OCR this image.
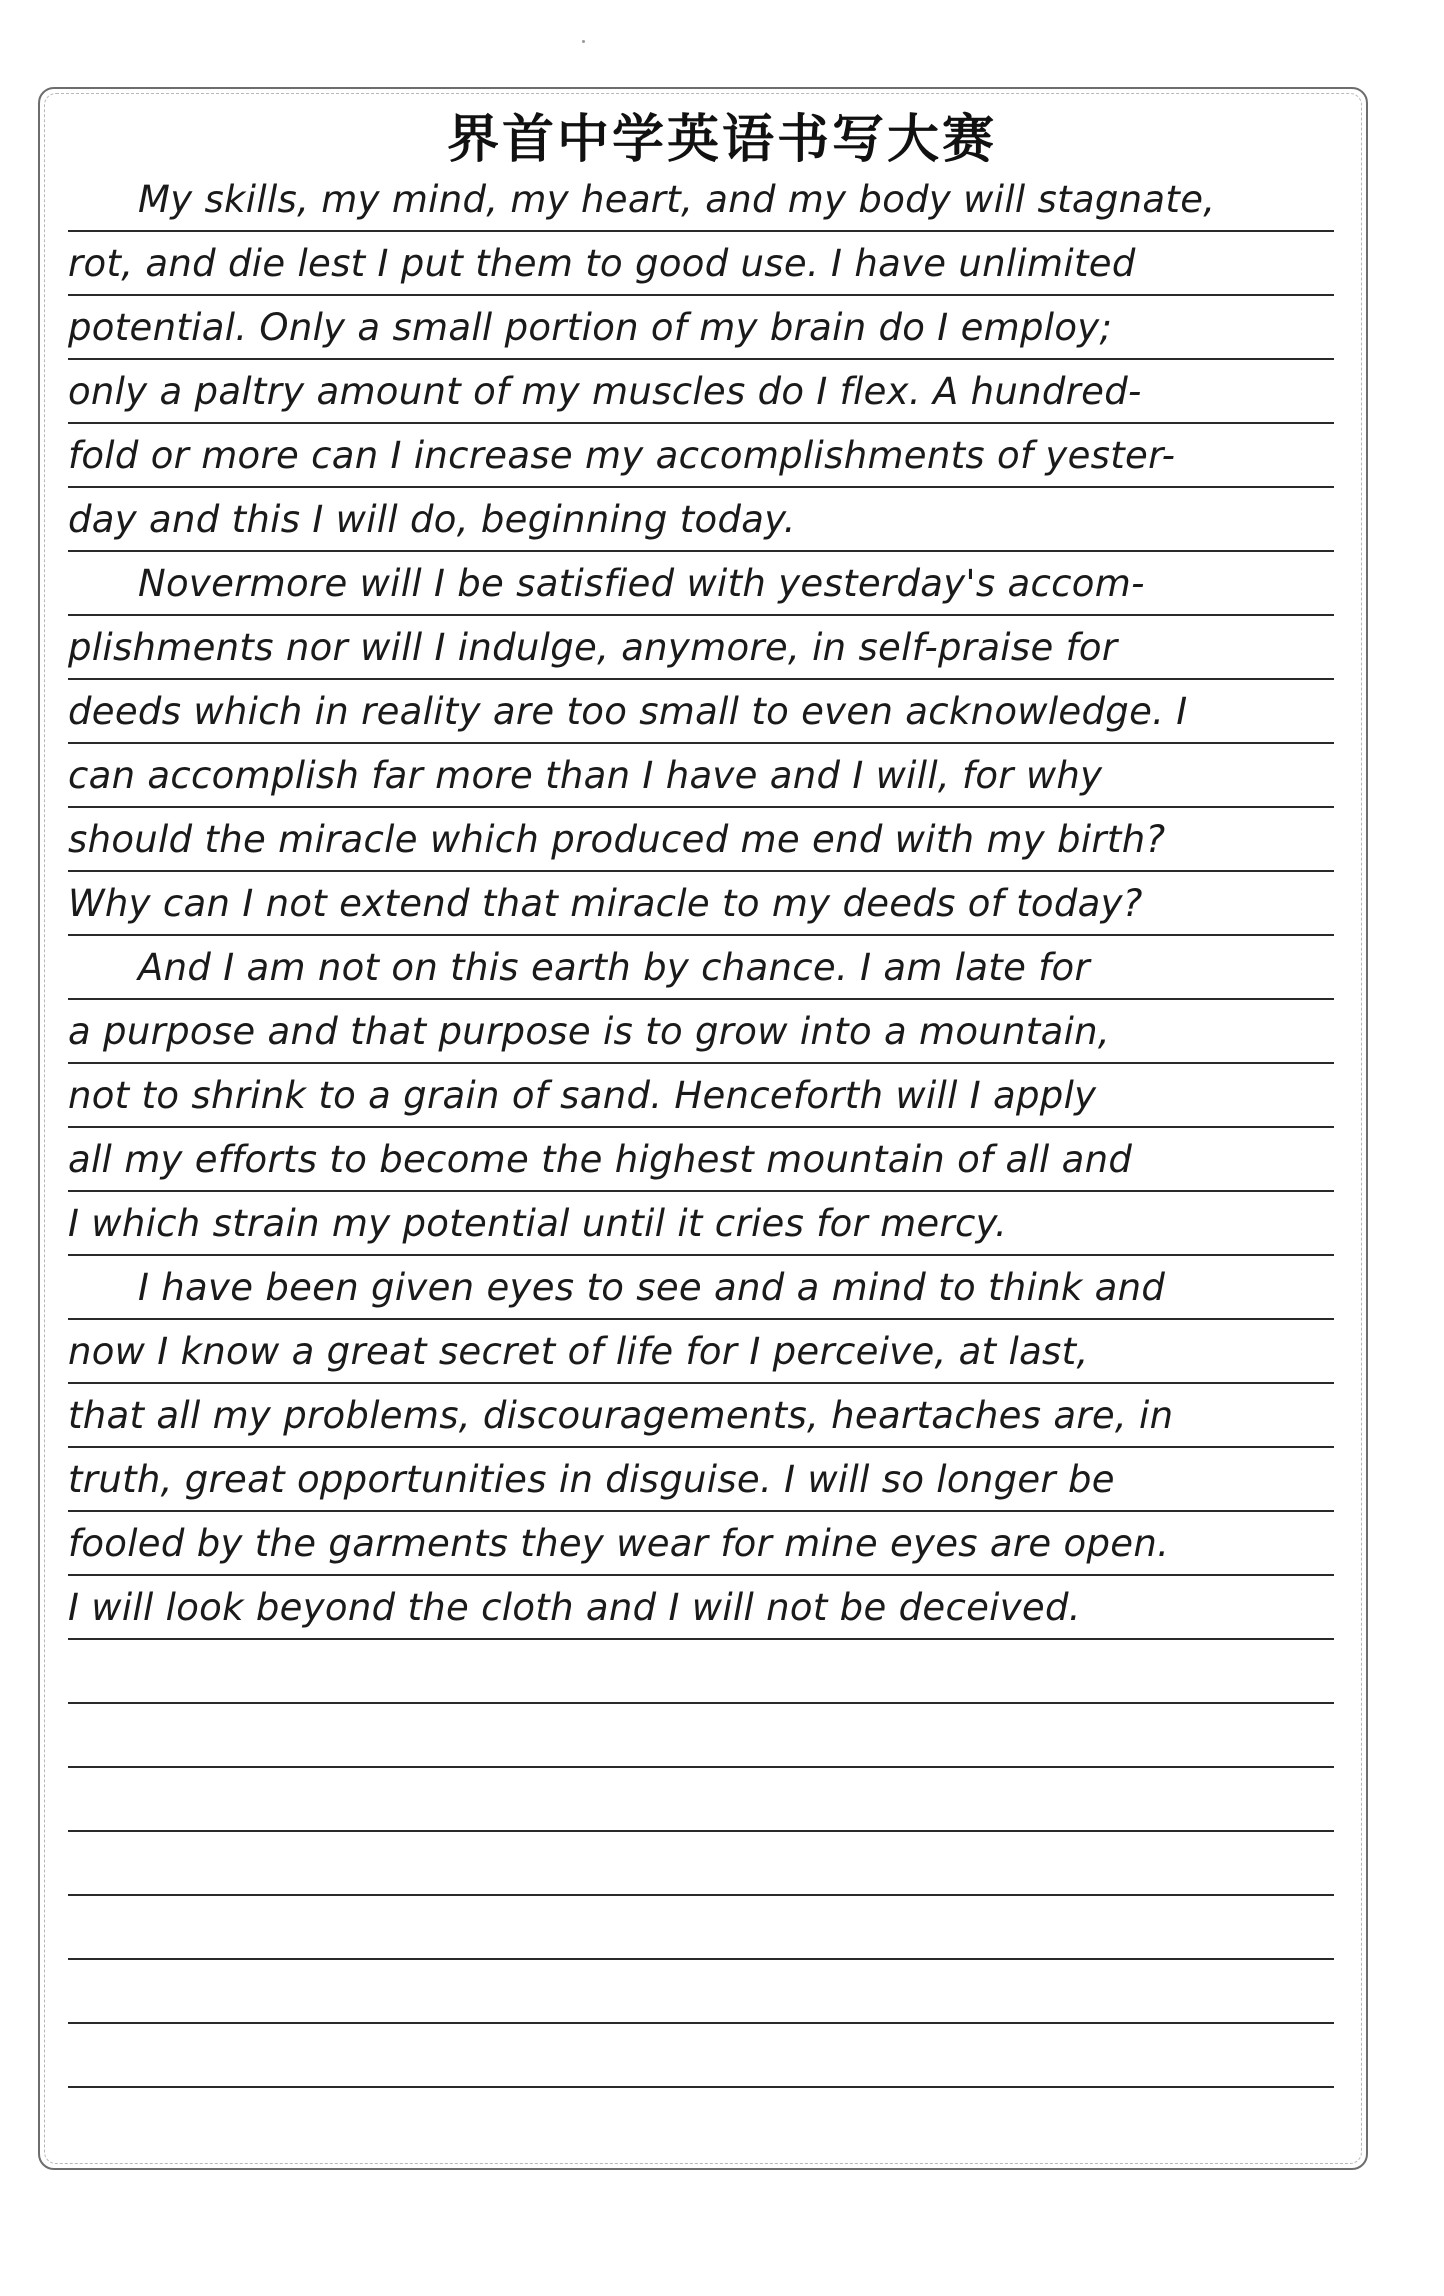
界首中学英语书写大赛
My skills, my mind, my heart, and my body will stagnate,
rot, and die lest I put them to good use. I have unlimited
potential. Only a small portion of my brain do I employ;
only a paltry amount of my muscles do I flex. A hundred-
fold or more can I increase my accomplishments of yester-
day and this I will do, beginning today.
Novermore will I be satisfied with yesterday's accom-
plishments nor will I indulge, anymore, in self-praise for
deeds which in reality are too small to even acknowledge. I
can accomplish far more than I have and I will, for why
should the miracle which produced me end with my birth?
Why can I not extend that miracle to my deeds of today?
And I am not on this earth by chance. I am late for
a purpose and that purpose is to grow into a mountain,
not to shrink to a grain of sand. Henceforth will I apply
all my efforts to become the highest mountain of all and
I which strain my potential until it cries for mercy.
I have been given eyes to see and a mind to think and
now I know a great secret of life for I perceive, at last,
that all my problems, discouragements, heartaches are, in
truth, great opportunities in disguise. I will so longer be
fooled by the garments they wear for mine eyes are open.
I will look beyond the cloth and I will not be deceived.
